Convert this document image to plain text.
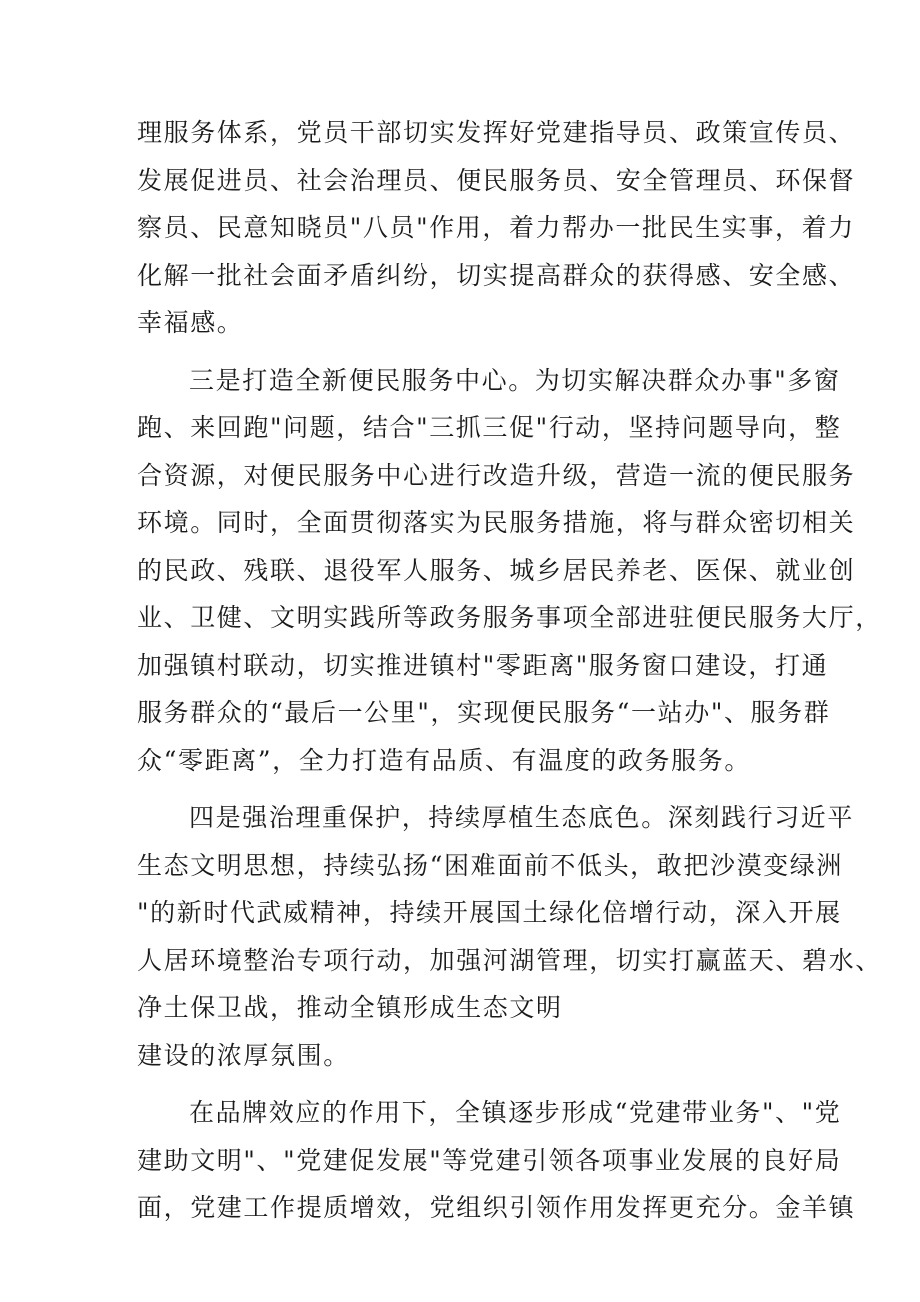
理服务体系，党员干部切实发挥好党建指导员、政策宣传员、
发展促进员、社会治理员、便民服务员、安全管理员、环保督
察员、民意知晓员"八员"作用，着力帮办一批民生实事，着力
化解一批社会面矛盾纠纷，切实提高群众的获得感、安全感、
幸福感。
三是打造全新便民服务中心。为切实解决群众办事"多窗
跑、来回跑"问题，结合"三抓三促"行动，坚持问题导向，整
合资源，对便民服务中心进行改造升级，营造一流的便民服务
环境。同时，全面贯彻落实为民服务措施，将与群众密切相关
的民政、残联、退役军人服务、城乡居民养老、医保、就业创
业、卫健、文明实践所等政务服务事项全部进驻便民服务大厅，
加强镇村联动，切实推进镇村"零距离"服务窗口建设，打通
服务群众的“最后一公里"，实现便民服务“一站办"、服务群
众“零距离”，全力打造有品质、有温度的政务服务。
四是强治理重保护，持续厚植生态底色。深刻践行习近平
生态文明思想，持续弘扬“困难面前不低头，敢把沙漠变绿洲
"的新时代武威精神，持续开展国土绿化倍增行动，深入开展
人居环境整治专项行动，加强河湖管理，切实打赢蓝天、碧水、
净土保卫战，推动全镇形成生态文明
建设的浓厚氛围。
在品牌效应的作用下，全镇逐步形成“党建带业务"、"党
建助文明"、"党建促发展"等党建引领各项事业发展的良好局
面，党建工作提质增效，党组织引领作用发挥更充分。金羊镇
